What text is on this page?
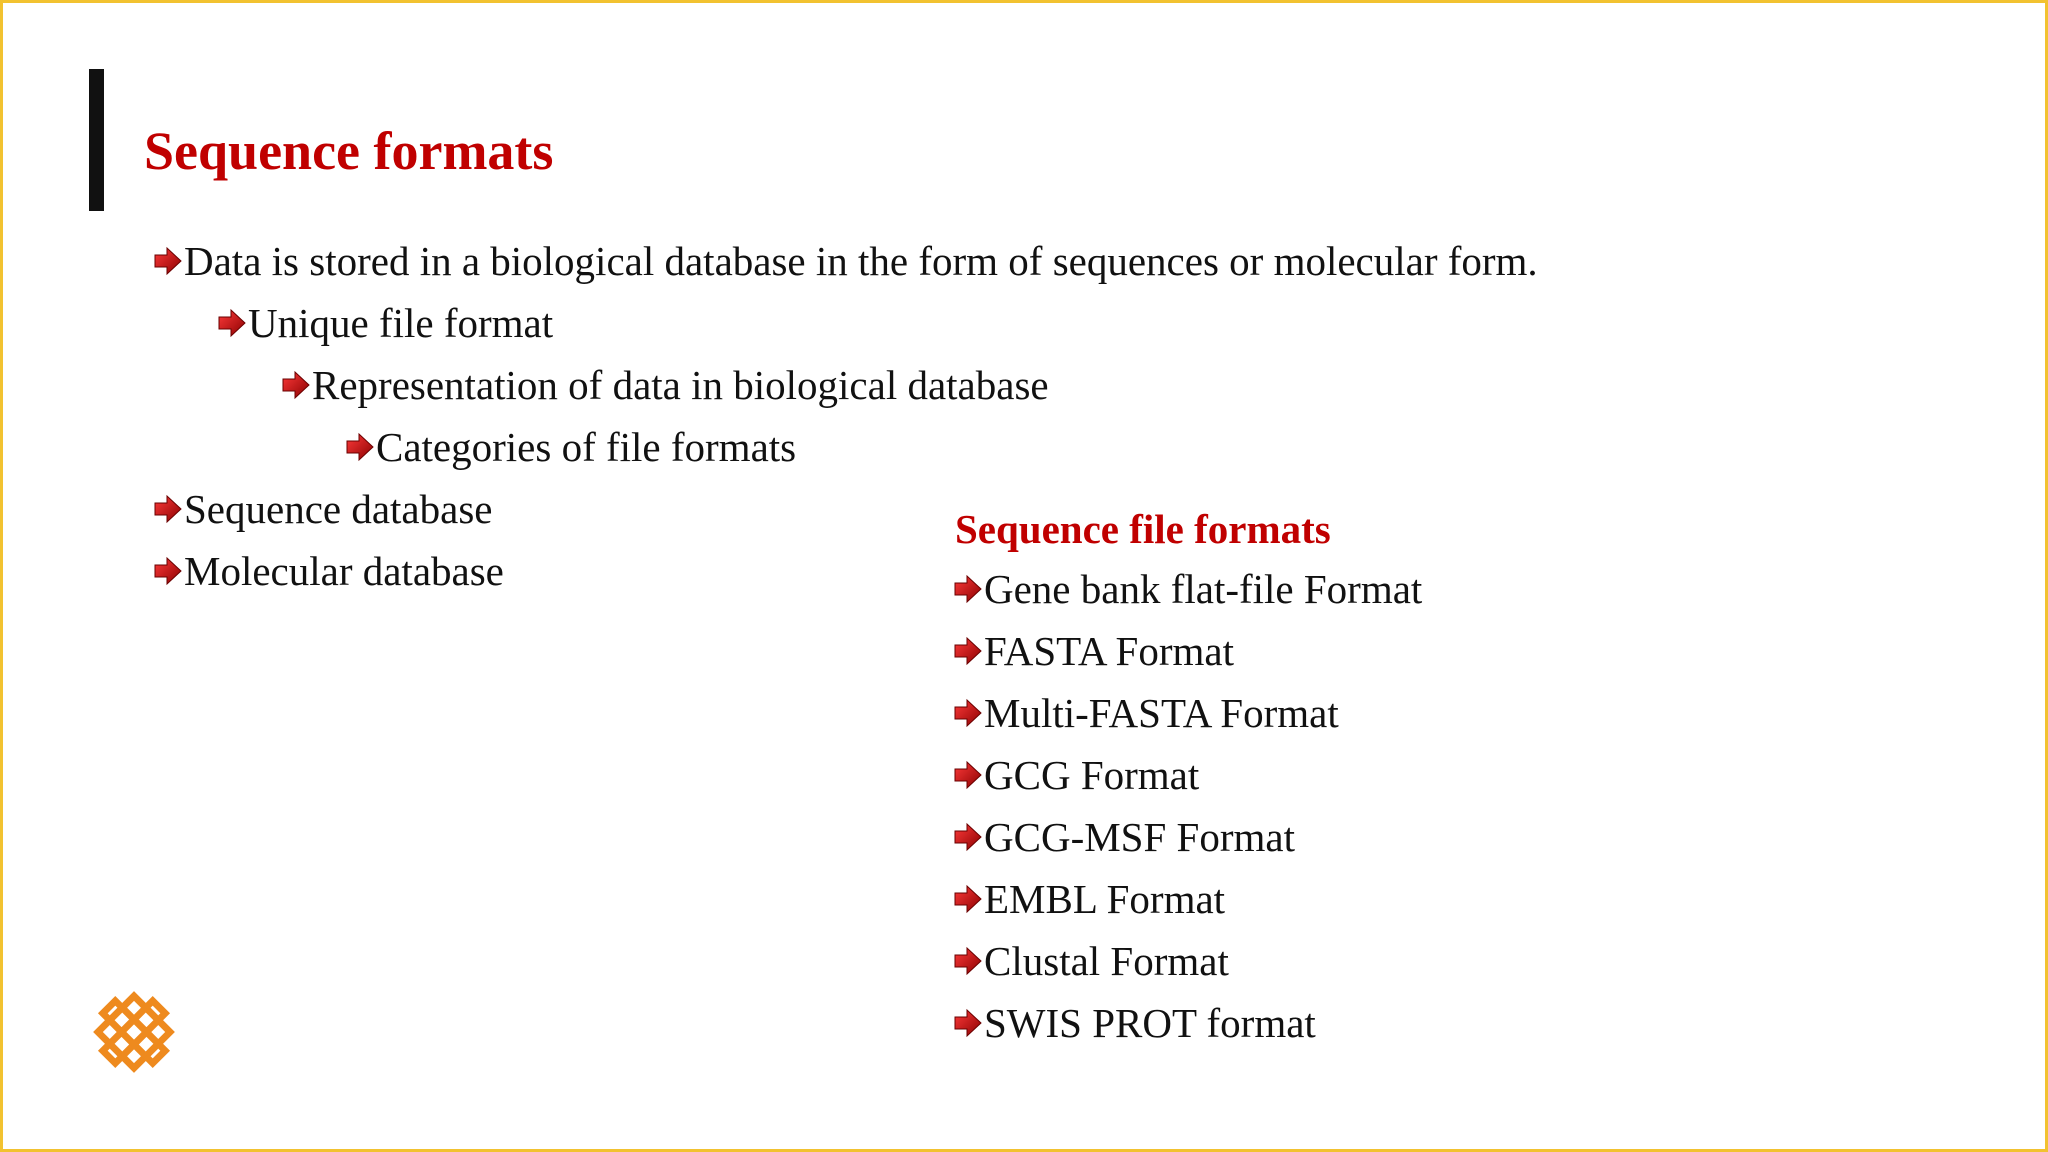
Sequence formats
Data is stored in a biological database in the form of sequences or molecular form.
Unique file format
Representation of data in biological database
Categories of file formats
Sequence database
Molecular database
Sequence file formats
Gene bank flat-file Format
FASTA Format
Multi-FASTA Format
GCG Format
GCG-MSF Format
EMBL Format
Clustal Format
SWIS PROT format
